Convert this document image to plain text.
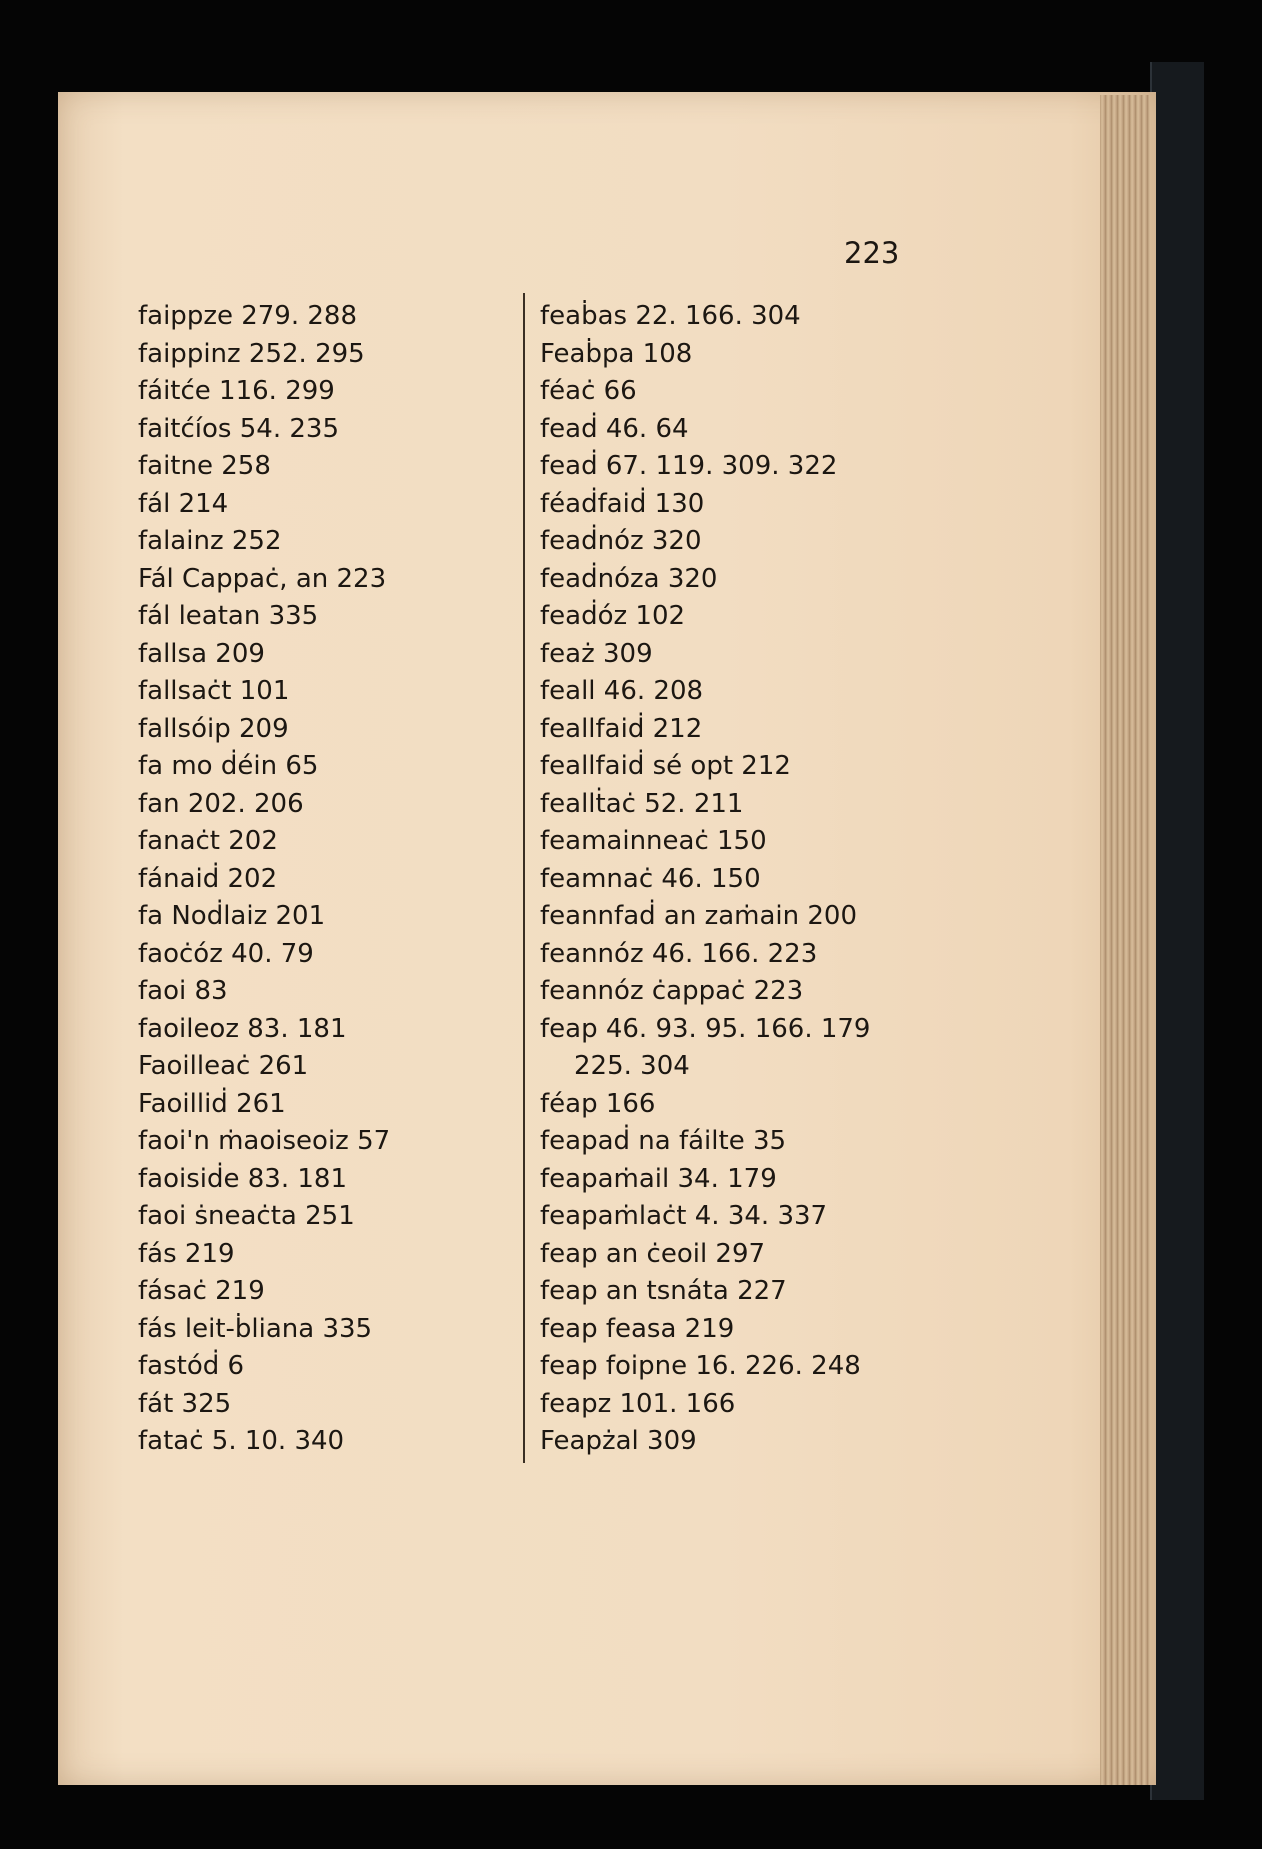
223
faiррze 279. 288
faiррinz 252. 295
fáitće 116. 299
faitćíos 54. 235
faitne 258
fál 214
falainz 252
Fál Caррaċ, an 223
fál leatan 335
fallsa 209
fallsaċt 101
fallsóiр 209
fa mo ḋéin 65
fan 202. 206
fanaċt 202
fánaiḋ 202
fa Noḋlaiz 201
faoċóz 40. 79
faoi 83
faoileoz 83. 181
Faoilleaċ 261
Faoilliḋ 261
faoi'n ṁaoiseoiz 57
faoisiḋe 83. 181
faoi ṡneaċta 251
fás 219
fásaċ 219
fás leit-ḃliana 335
fastóḋ 6
fát 325
fataċ 5. 10. 340
feaḃas 22. 166. 304
Feaḃрa 108
féaċ 66
feaḋ 46. 64
feaḋ 67. 119. 309. 322
féaḋfaiḋ 130
feaḋnóz 320
feaḋnóza 320
feaḋóz 102
feaż 309
feall 46. 208
feallfaiḋ 212
feallfaiḋ sé oрt 212
feallṫaċ 52. 211
feamainneaċ 150
feamnaċ 46. 150
feannfaḋ an zaṁain 200
feannóz 46. 166. 223
feannóz ċaррaċ 223
feaр 46. 93. 95. 166. 179
225. 304
féaр 166
feaрaḋ na fáilte 35
feaрaṁail 34. 179
feaрaṁlaċt 4. 34. 337
feaр an ċeoil 297
feaр an tsnáta 227
feaр feasa 219
feaр foiрne 16. 226. 248
feaрz 101. 166
Feaрżal 309
